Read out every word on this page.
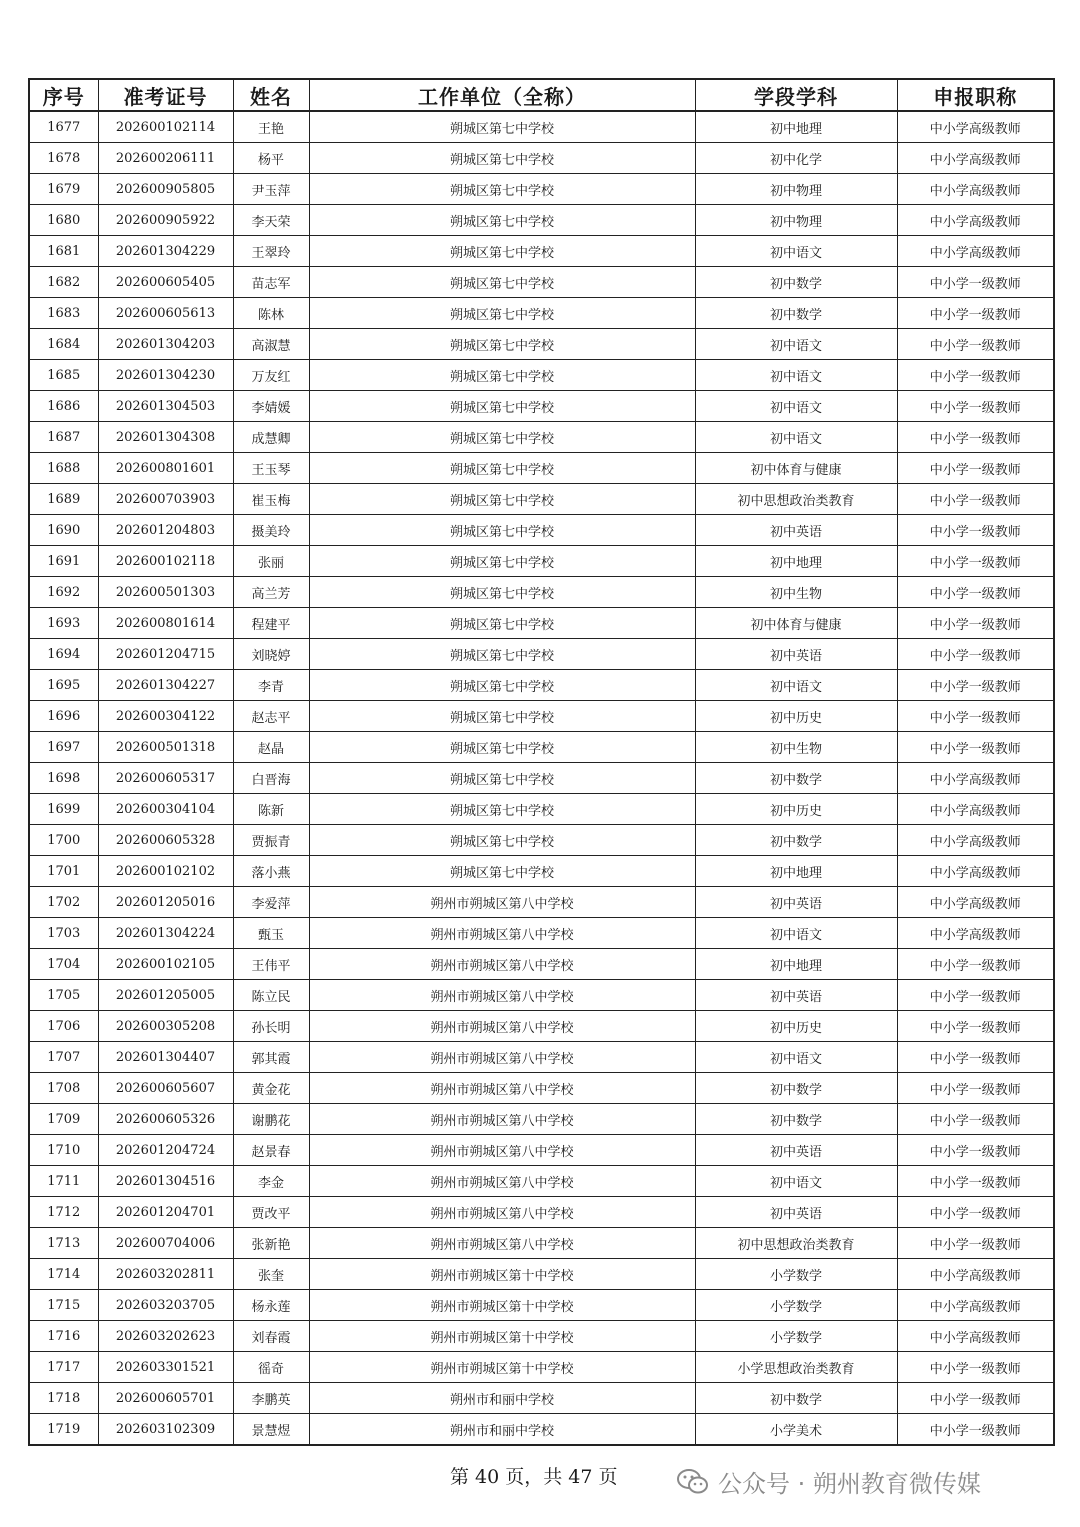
序号	准考证号	姓名	工作单位（全称）	学段学科	申报职称
1677	202600102114	王艳	朔城区第七中学校	初中地理	中小学高级教师
1678	202600206111	杨平	朔城区第七中学校	初中化学	中小学高级教师
1679	202600905805	尹玉萍	朔城区第七中学校	初中物理	中小学高级教师
1680	202600905922	李天荣	朔城区第七中学校	初中物理	中小学高级教师
1681	202601304229	王翠玲	朔城区第七中学校	初中语文	中小学高级教师
1682	202600605405	苗志军	朔城区第七中学校	初中数学	中小学一级教师
1683	202600605613	陈林	朔城区第七中学校	初中数学	中小学一级教师
1684	202601304203	高淑慧	朔城区第七中学校	初中语文	中小学一级教师
1685	202601304230	万友红	朔城区第七中学校	初中语文	中小学一级教师
1686	202601304503	李婧媛	朔城区第七中学校	初中语文	中小学一级教师
1687	202601304308	成慧卿	朔城区第七中学校	初中语文	中小学一级教师
1688	202600801601	王玉琴	朔城区第七中学校	初中体育与健康	中小学一级教师
1689	202600703903	崔玉梅	朔城区第七中学校	初中思想政治类教育	中小学一级教师
1690	202601204803	摄美玲	朔城区第七中学校	初中英语	中小学一级教师
1691	202600102118	张丽	朔城区第七中学校	初中地理	中小学一级教师
1692	202600501303	高兰芳	朔城区第七中学校	初中生物	中小学一级教师
1693	202600801614	程建平	朔城区第七中学校	初中体育与健康	中小学一级教师
1694	202601204715	刘晓婷	朔城区第七中学校	初中英语	中小学一级教师
1695	202601304227	李青	朔城区第七中学校	初中语文	中小学一级教师
1696	202600304122	赵志平	朔城区第七中学校	初中历史	中小学一级教师
1697	202600501318	赵晶	朔城区第七中学校	初中生物	中小学一级教师
1698	202600605317	白晋海	朔城区第七中学校	初中数学	中小学高级教师
1699	202600304104	陈新	朔城区第七中学校	初中历史	中小学高级教师
1700	202600605328	贾振青	朔城区第七中学校	初中数学	中小学高级教师
1701	202600102102	落小燕	朔城区第七中学校	初中地理	中小学高级教师
1702	202601205016	李爱萍	朔州市朔城区第八中学校	初中英语	中小学高级教师
1703	202601304224	甄玉	朔州市朔城区第八中学校	初中语文	中小学高级教师
1704	202600102105	王伟平	朔州市朔城区第八中学校	初中地理	中小学一级教师
1705	202601205005	陈立民	朔州市朔城区第八中学校	初中英语	中小学一级教师
1706	202600305208	孙长明	朔州市朔城区第八中学校	初中历史	中小学一级教师
1707	202601304407	郭其霞	朔州市朔城区第八中学校	初中语文	中小学一级教师
1708	202600605607	黄金花	朔州市朔城区第八中学校	初中数学	中小学一级教师
1709	202600605326	谢鹏花	朔州市朔城区第八中学校	初中数学	中小学一级教师
1710	202601204724	赵景春	朔州市朔城区第八中学校	初中英语	中小学一级教师
1711	202601304516	李金	朔州市朔城区第八中学校	初中语文	中小学一级教师
1712	202601204701	贾改平	朔州市朔城区第八中学校	初中英语	中小学一级教师
1713	202600704006	张新艳	朔州市朔城区第八中学校	初中思想政治类教育	中小学一级教师
1714	202603202811	张奎	朔州市朔城区第十中学校	小学数学	中小学高级教师
1715	202603203705	杨永莲	朔州市朔城区第十中学校	小学数学	中小学高级教师
1716	202603202623	刘春霞	朔州市朔城区第十中学校	小学数学	中小学高级教师
1717	202603301521	徭奇	朔州市朔城区第十中学校	小学思想政治类教育	中小学一级教师
1718	202600605701	李鹏英	朔州市和丽中学校	初中数学	中小学一级教师
1719	202603102309	景慧煜	朔州市和丽中学校	小学美术	中小学一级教师
第 40 页，共 47 页	公众号 · 朔州教育微传媒
